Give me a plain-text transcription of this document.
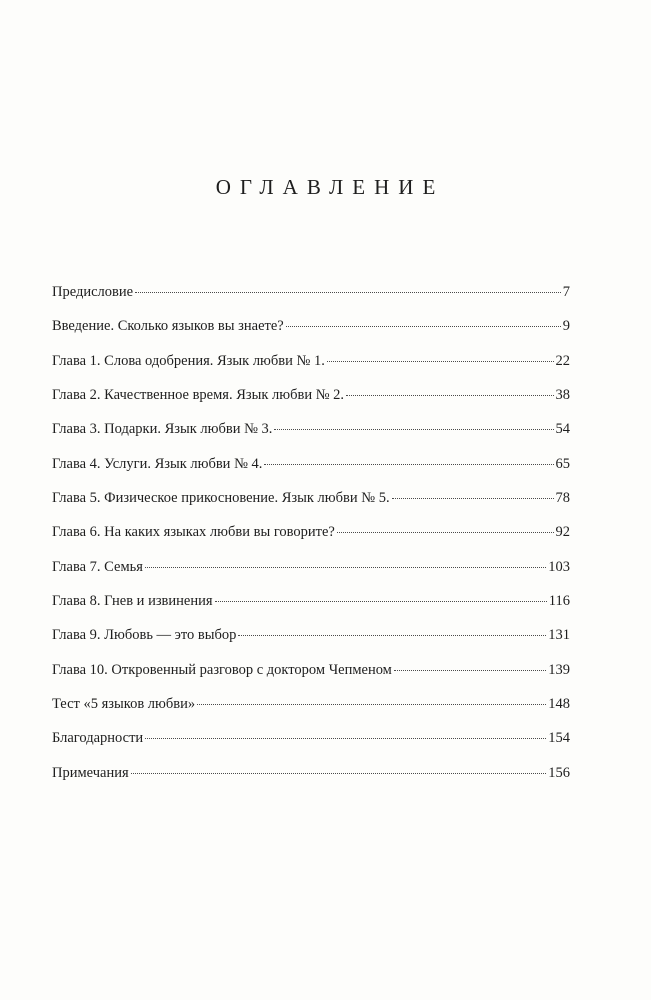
ОГЛАВЛЕНИЕ
Предисловие	7
Введение. Сколько языков вы знаете?	9
Глава 1. Слова одобрения. Язык любви № 1.	22
Глава 2. Качественное время. Язык любви № 2.	38
Глава 3. Подарки. Язык любви № 3.	54
Глава 4. Услуги. Язык любви № 4.	65
Глава 5. Физическое прикосновение. Язык любви № 5.	78
Глава 6. На каких языках любви вы говорите?	92
Глава 7. Семья	103
Глава 8. Гнев и извинения	116
Глава 9. Любовь — это выбор	131
Глава 10. Откровенный разговор с доктором Чепменом	139
Тест «5 языков любви»	148
Благодарности	154
Примечания	156
